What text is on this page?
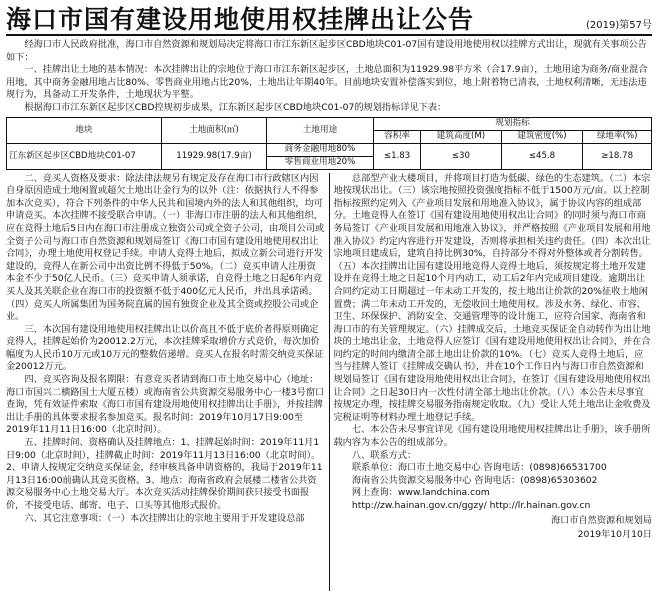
海口市国有建设用地使用权挂牌出让公告	(2019)第57号

经海口市人民政府批准，海口市自然资源和规划局决定将海口市江东新区起步区CBD地块C01-07国有建设用地使用权以挂牌方式出让，现就有关事项公告如下：

一、挂牌出让土地的基本情况：本次挂牌出让的宗地位于海口市江东新区起步区，土地总面积为11929.98平方米（合17.9亩），土地用途为商务/商业混合用地，其中商务金融用地占比80%、零售商业用地占比20%，土地出让年期40年。目前地块安置补偿落实到位，地上附着物已清表，土地权利清晰，无违法违规行为，具备动工开发条件，土地现状为平整。

根据海口市江东新区起步区CBD控规初步成果，江东新区起步区CBD地块C01-07的规划指标详见下表：

地块	土地面积(㎡)	土地用途	规划指标			
			容积率	建筑高度(M)	建筑密度(%)	绿地率(%)
江东新区起步区CBD地块C01-07	11929.98(17.9亩)	商务金融用地80%	≤1.83	≤30	≤45.8	≥18.78
		零售商业用地20%				

二、竞买人资格及要求：除法律法规另有规定及存在海口市行政辖区内因自身原因造成土地闲置或超欠土地出让金行为的以外（注：依据执行人不得参加本次竞买），符合下列条件的中华人民共和国境内外的法人和其他组织，均可申请竞买。本次挂牌不接受联合申请。（一）非海口市注册的法人和其他组织，应在竞得土地后5日内在海口市注册成立独资公司或全资子公司，由项目公司或全资子公司与海口市自然资源和规划局签订《海口市国有建设用地使用权出让合同》，办理土地使用权登记手续。申请人竞得土地后，拟成立新公司进行开发建设的，竞得人在新公司中出资比例不得低于50%。（二）竞买申请人注册资本金不少于50亿人民币。（三）竞买申请人须承诺，自竞得土地之日起6年内竞买人及其关联企业在海口市的投资额不低于400亿元人民币，并出具承诺函。（四）竞买人所属集团为国务院直属的国有独资企业及其全资或控股公司或企业。

三、本次国有建设用地使用权挂牌出让以价高且不低于底价者得原则确定竞得人，挂牌起始价为20012.2万元，本次挂牌采取增价方式竞价，每次加价幅度为人民币10万元或10万元的整数倍递增。竞买人在报名时需交纳竞买保证金20012万元。

四、竞买咨询及报名期限：有意竞买者请到海口市土地交易中心（地址：海口市国兴二横路国土大厦五楼）或海南省公共资源交易服务中心一楼3号窗口查询，凭有效证件索取《海口市国有建设用地使用权挂牌出让手册》，并按挂牌出让手册的具体要求报名参加竞买。报名时间：2019年10月17日9:00至2019年11月11日16:00（北京时间）。

五、挂牌时间、资格确认及挂牌地点：1、挂牌起始时间：2019年11月1日9:00（北京时间），挂牌截止时间：2019年11月13日16:00（北京时间）。2、申请人按规定交纳竞买保证金，经审核具备申请资格的，我局于2019年11月13日16:00前确认其竞买资格。3、地点：海南省政府会展楼二楼省公共资源交易服务中心土地交易大厅。本次竞买活动挂牌保价期间获只接受书面报价，不接受电话、邮寄、电子、口头等其他形式报价。

六、其它注意事项：（一）本次挂牌出让的宗地主要用于开发建设总部

总部型产业大楼项目，并将项目打造为低碳、绿色的生态建筑。（二）本宗地按现状出让。（三）该宗地按照投资强度指标不低于1500万元/亩。以上控制指标按照约定列入《产业项目发展和用地准入协议》，属于协议内容的组成部分。土地竞得人在签订《国有建设用地使用权出让合同》的同时须与海口市商务局签订《产业项目发展和用地准入协议》，并严格按照《产业项目发展和用地准入协议》约定内容进行开发建设，否则将承担相关违约责任。（四）本次出让宗地项目建成后，建筑自持比例30%，自持部分不得对外整体或者分割转售。（五）本次挂牌出让国有建设用地竞得人竞得土地后，须按规定将土地开发建设并在竞得土地之日起10个月内动工，动工后2年内完成项目建设。逾期出让合同约定动工日期超过一年未动工开发的，按土地出让价款的20%征收土地闲置费；满二年未动工开发的，无偿收回土地使用权。涉及水务、绿化、市容、卫生、环保保护、消防安全、交通管理等的设计施工，应符合国家、海南省和海口市的有关管理规定。（六）挂牌成交后，土地竞买保证金自动转作为出让地块的土地出让金，土地竞得人应签订《国有建设用地使用权出让合同》，并在合同约定的时间内缴清全部土地出让价款的10%。（七）竞买人竞得土地后，应当与挂牌人签订《挂牌成交确认书》，并在10个工作日内与海口市自然资源和规划局签订《国有建设用地使用权出让合同》，在签订《国有建设用地使用权出让合同》之日起30日内一次性付清全部土地出让价款。（八）本公告未尽事宜按规定办理，按挂牌交易服务指南规定收取。（九）受让人凭土地出让金收费及完税证明等材料办理土地登记手续。

七、本公告未尽事宜详见《国有建设用地使用权挂牌出让手册》，该手册所载内容为本公告的组成部分。

八、联系方式：

联系单位：海口市土地交易中心 咨询电话：(0898)66531700

海南省公共资源交易服务中心 咨询电话：(0898)65303602

网上查询：www.landchina.com

http://zw.hainan.gov.cn/ggzy/ http://lr.hainan.gov.cn

海口市自然资源和规划局
2019年10月10日
